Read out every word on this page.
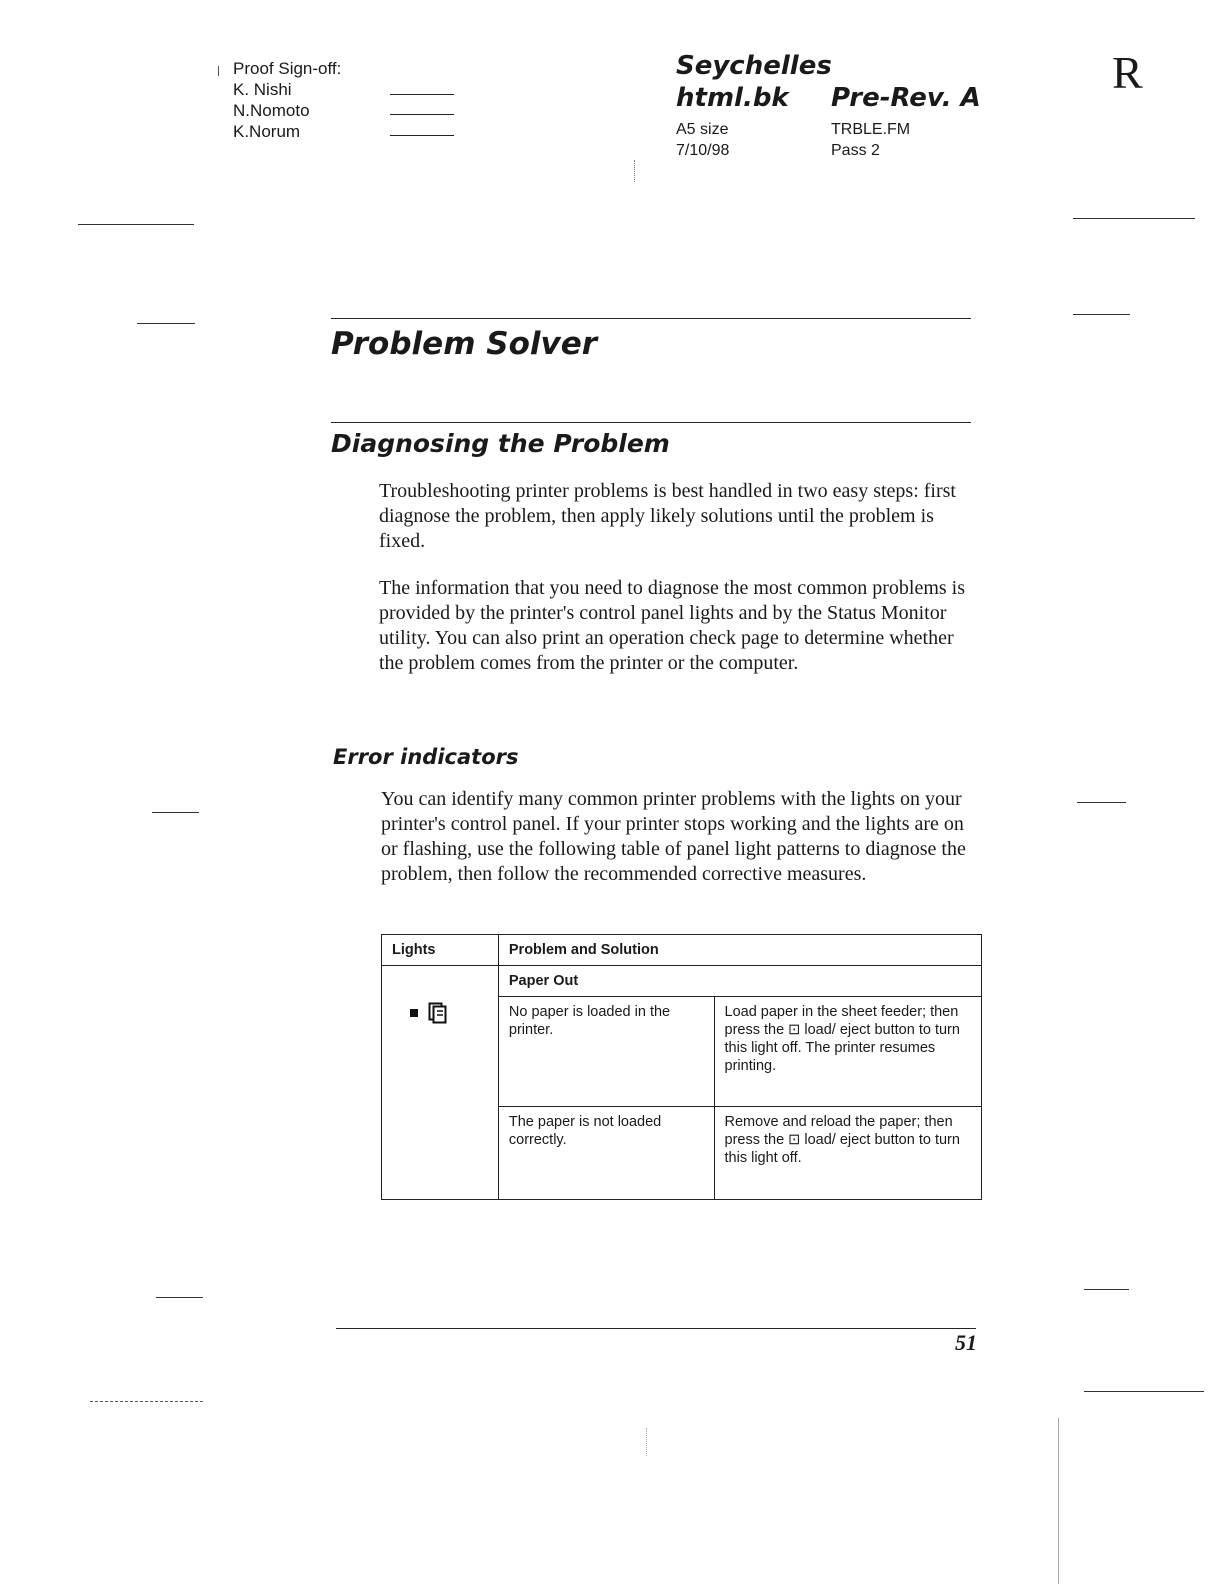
Proof Sign-off:
K. Nishi
N.Nomoto
K.Norum
Seychelles
html.bk Pre-Rev. A
A5 size
7/10/98
TRBLE.FM
Pass 2
R
Problem Solver
Diagnosing the Problem
Troubleshooting printer problems is best handled in two easy steps: first diagnose the problem, then apply likely solutions until the problem is fixed.
The information that you need to diagnose the most common problems is provided by the printer's control panel lights and by the Status Monitor utility. You can also print an operation check page to determine whether the problem comes from the printer or the computer.
Error indicators
You can identify many common printer problems with the lights on your printer's control panel. If your printer stops working and the lights are on or flashing, use the following table of panel light patterns to diagnose the problem, then follow the recommended corrective measures.
Lights	Problem and Solution	

	Paper Out	
	No paper is loaded in the printer.	Load paper in the sheet feeder; then press the ⊡ load/ eject button to turn this light off. The printer resumes printing.
	The paper is not loaded correctly.	Remove and reload the paper; then press the ⊡ load/ eject button to turn this light off.
51
